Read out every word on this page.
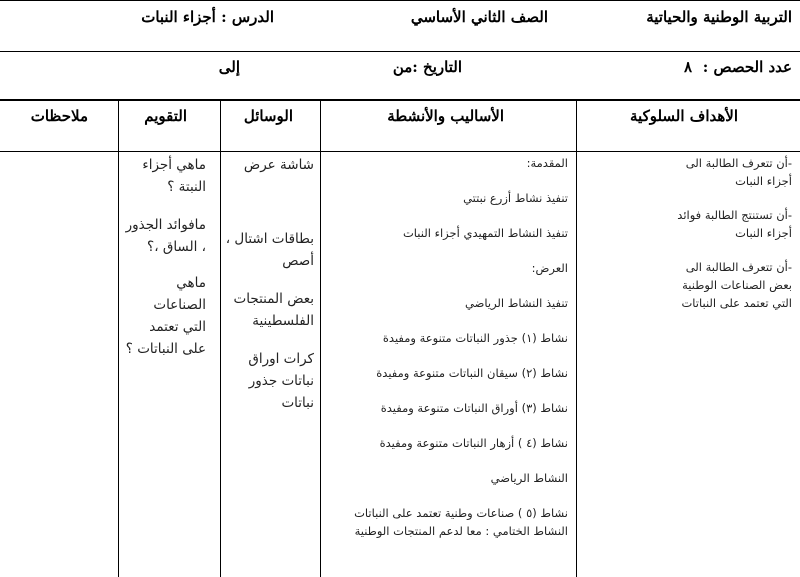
التربية الوطنية والحياتية
الصف الثاني الأساسي
الدرس : أجزاء النبات
عدد الحصص :
٨
التاريخ :من
إلى
الأهداف السلوكية
الأساليب والأنشطة
الوسائل
التقويم
ملاحظات

-أن تتعرف الطالبة الى

أجزاء النبات

-أن تستنتج الطالبة فوائد

أجزاء النبات

-أن تتعرف الطالبة الى

بعض الصناعات الوطنية

التي تعتمد على النباتات

المقدمة:

تنفيذ نشاط أزرع نبتتي

تنفيذ النشاط التمهيدي أجزاء النبات

العرض:

تنفيذ النشاط الرياضي

نشاط (١) جذور النباتات متنوعة ومفيدة

نشاط (٢) سيقان النباتات متنوعة ومفيدة

نشاط (٣) أوراق النباتات متنوعة ومفيدة

نشاط (٤ ) أزهار النباتات متنوعة ومفيدة

النشاط الرياضي

نشاط (٥ ) صناعات وطنية تعتمد على النباتات

النشاط الختامي : معا لدعم المنتجات الوطنية

شاشة عرض

بطاقات اشتال ،

أصص

بعض المنتجات

الفلسطينية

كرات اوراق

نباتات جذور

نباتات

ماهي أجزاء

النبتة ؟

مافوائد الجذور

، الساق ،؟

ماهي

الصناعات

التي تعتمد

على النباتات ؟
